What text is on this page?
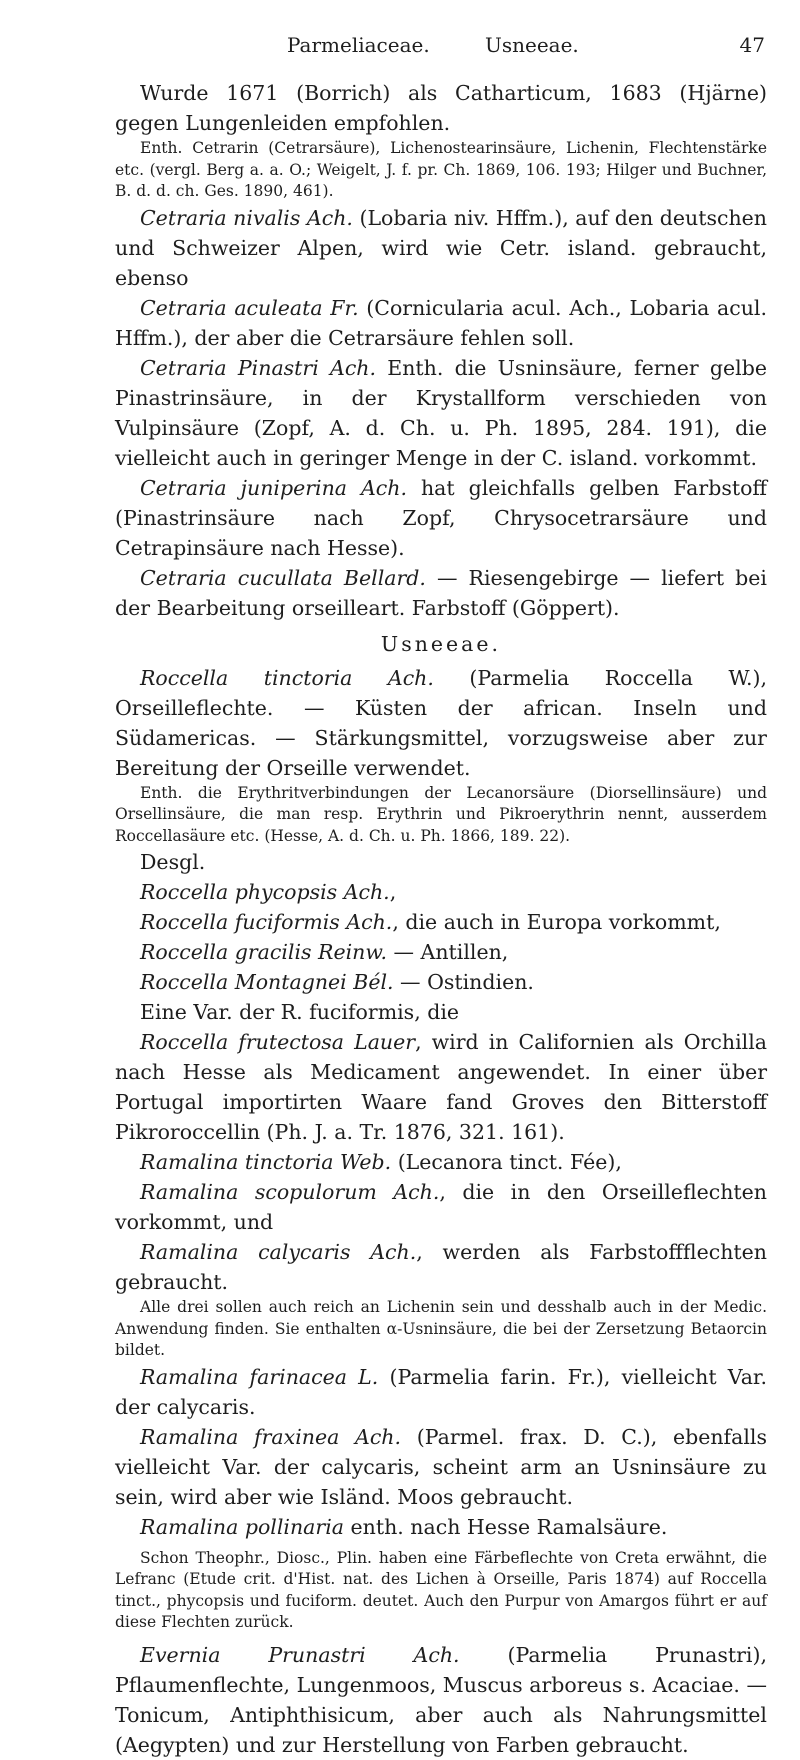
Parmeliaceae.	Usneeae.	47

Wurde 1671 (Borrich) als Catharticum, 1683 (Hjärne) gegen Lungenleiden empfohlen.

Enth. Cetrarin (Cetrarsäure), Lichenostearinsäure, Lichenin, Flechtenstärke etc. (vergl. Berg a. a. O.; Weigelt, J. f. pr. Ch. 1869, 106. 193; Hilger und Buchner, B. d. d. ch. Ges. 1890, 461).

Cetraria nivalis Ach. (Lobaria niv. Hffm.), auf den deutschen und Schweizer Alpen, wird wie Cetr. island. gebraucht, ebenso

Cetraria aculeata Fr. (Cornicularia acul. Ach., Lobaria acul. Hffm.), der aber die Cetrarsäure fehlen soll.

Cetraria Pinastri Ach. Enth. die Usninsäure, ferner gelbe Pinastrinsäure, in der Krystallform verschieden von Vulpinsäure (Zopf, A. d. Ch. u. Ph. 1895, 284. 191), die vielleicht auch in geringer Menge in der C. island. vorkommt.

Cetraria juniperina Ach. hat gleichfalls gelben Farbstoff (Pinastrinsäure nach Zopf, Chrysocetrarsäure und Cetrapinsäure nach Hesse).

Cetraria cucullata Bellard. — Riesengebirge — liefert bei der Bearbeitung orseilleart. Farbstoff (Göppert).

Usneeae.

Roccella tinctoria Ach. (Parmelia Roccella W.), Orseilleflechte. — Küsten der african. Inseln und Südamericas. — Stärkungsmittel, vorzugsweise aber zur Bereitung der Orseille verwendet.

Enth. die Erythritverbindungen der Lecanorsäure (Diorsellinsäure) und Orsellinsäure, die man resp. Erythrin und Pikroerythrin nennt, ausserdem Roccellasäure etc. (Hesse, A. d. Ch. u. Ph. 1866, 189. 22).

Desgl.

Roccella phycopsis Ach.,

Roccella fuciformis Ach., die auch in Europa vorkommt,

Roccella gracilis Reinw. — Antillen,

Roccella Montagnei Bél. — Ostindien.

Eine Var. der R. fuciformis, die

Roccella frutectosa Lauer, wird in Californien als Orchilla nach Hesse als Medicament angewendet. In einer über Portugal importirten Waare fand Groves den Bitterstoff Pikroroccellin (Ph. J. a. Tr. 1876, 321. 161).

Ramalina tinctoria Web. (Lecanora tinct. Fée),

Ramalina scopulorum Ach., die in den Orseilleflechten vorkommt, und

Ramalina calycaris Ach., werden als Farbstoffflechten gebraucht.

Alle drei sollen auch reich an Lichenin sein und desshalb auch in der Medic. Anwendung finden. Sie enthalten α-Usninsäure, die bei der Zersetzung Betaorcin bildet.

Ramalina farinacea L. (Parmelia farin. Fr.), vielleicht Var. der calycaris.

Ramalina fraxinea Ach. (Parmel. frax. D. C.), ebenfalls vielleicht Var. der calycaris, scheint arm an Usninsäure zu sein, wird aber wie Isländ. Moos gebraucht.

Ramalina pollinaria enth. nach Hesse Ramalsäure.

Schon Theophr., Diosc., Plin. haben eine Färbeflechte von Creta erwähnt, die Lefranc (Etude crit. d'Hist. nat. des Lichen à Orseille, Paris 1874) auf Roccella tinct., phycopsis und fuciform. deutet. Auch den Purpur von Amargos führt er auf diese Flechten zurück.

Evernia Prunastri Ach. (Parmelia Prunastri), Pflaumenflechte, Lungenmoos, Muscus arboreus s. Acaciae. — Tonicum, Antiphthisicum, aber auch als Nahrungsmittel (Aegypten) und zur Herstellung von Farben gebraucht.
